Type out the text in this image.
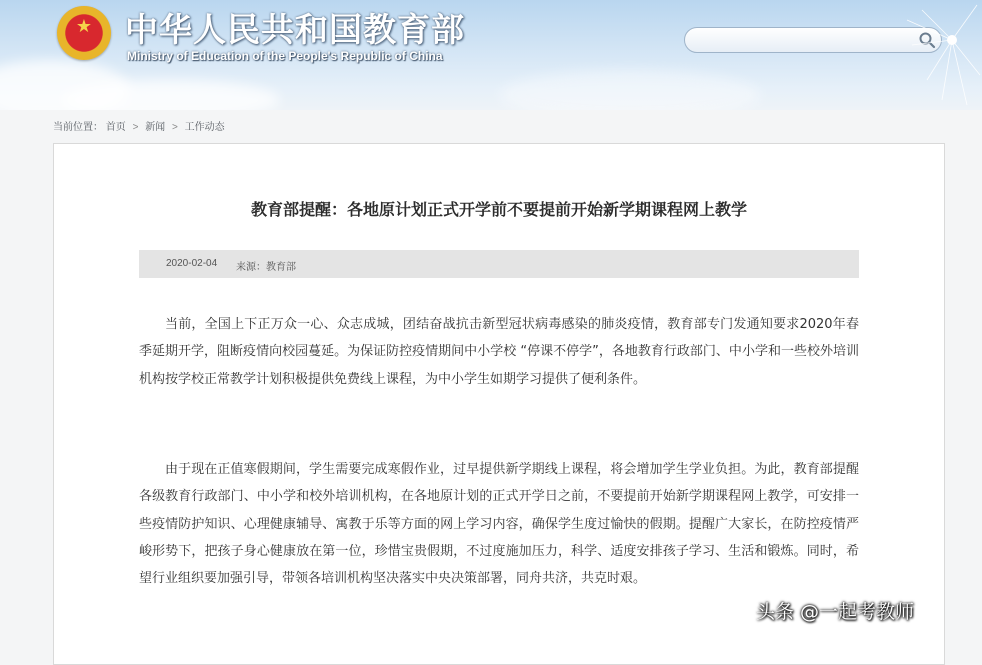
★ 中华人民共和国教育部
Ministry of Education of the People's Republic of China
当前位置： 首页 > 新闻 > 工作动态
教育部提醒：各地原计划正式开学前不要提前开始新学期课程网上教学
2020-02-04 来源：教育部

当前，全国上下正万众一心、众志成城，团结奋战抗击新型冠状病毒感染的肺炎疫情，教育部专门发通知要求2020年春季延期开学，阻断疫情向校园蔓延。为保证防控疫情期间中小学校 “停课不停学”，各地教育行政部门、中小学和一些校外培训机构按学校正常教学计划积极提供免费线上课程，为中小学生如期学习提供了便利条件。

由于现在正值寒假期间，学生需要完成寒假作业，过早提供新学期线上课程，将会增加学生学业负担。为此，教育部提醒各级教育行政部门、中小学和校外培训机构，在各地原计划的正式开学日之前，不要提前开始新学期课程网上教学，可安排一些疫情防护知识、心理健康辅导、寓教于乐等方面的网上学习内容，确保学生度过愉快的假期。提醒广大家长，在防控疫情严峻形势下，把孩子身心健康放在第一位，珍惜宝贵假期，不过度施加压力，科学、适度安排孩子学习、生活和锻炼。同时，希望行业组织要加强引导，带领各培训机构坚决落实中央决策部署，同舟共济，共克时艰。

头条 @一起考教师
